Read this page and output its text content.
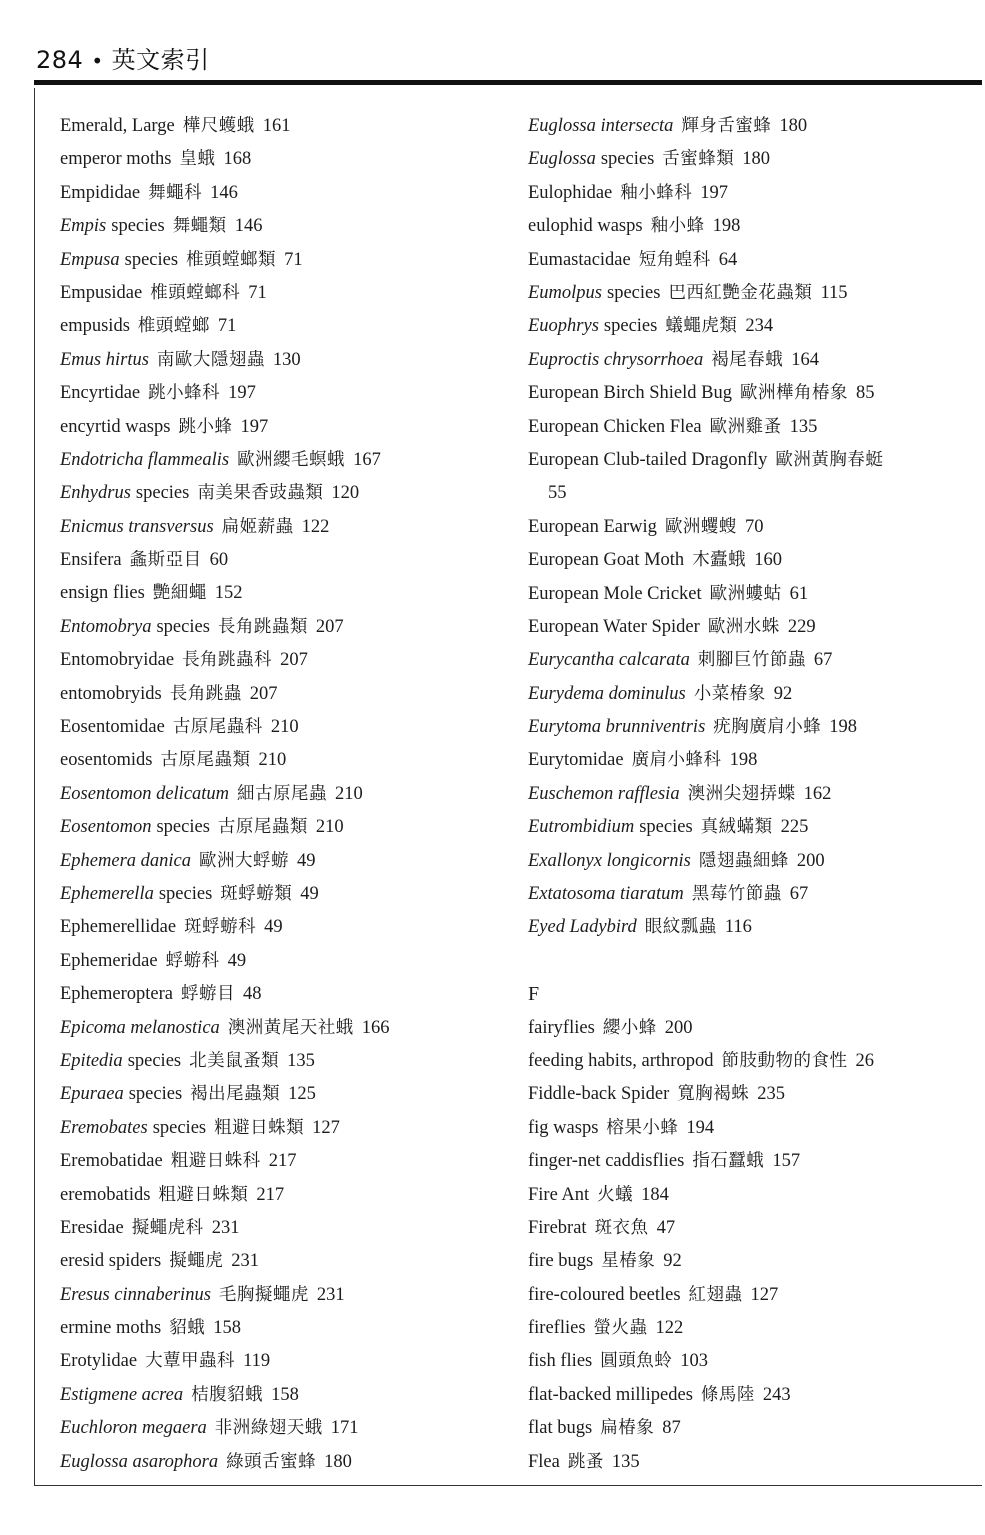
284 • 英文索引
Emerald, Large 樺尺蠖蛾 161
emperor moths 皇蛾 168
Empididae 舞蠅科 146
Empis species 舞蠅類 146
Empusa species 椎頭螳螂類 71
Empusidae 椎頭螳螂科 71
empusids 椎頭螳螂 71
Emus hirtus 南歐大隱翅蟲 130
Encyrtidae 跳小蜂科 197
encyrtid wasps 跳小蜂 197
Endotricha flammealis 歐洲纓毛螟蛾 167
Enhydrus species 南美果香豉蟲類 120
Enicmus transversus 扁姬薪蟲 122
Ensifera 螽斯亞目 60
ensign flies 艷細蠅 152
Entomobrya species 長角跳蟲類 207
Entomobryidae 長角跳蟲科 207
entomobryids 長角跳蟲 207
Eosentomidae 古原尾蟲科 210
eosentomids 古原尾蟲類 210
Eosentomon delicatum 細古原尾蟲 210
Eosentomon species 古原尾蟲類 210
Ephemera danica 歐洲大蜉蝣 49
Ephemerella species 斑蜉蝣類 49
Ephemerellidae 斑蜉蝣科 49
Ephemeridae 蜉蝣科 49
Ephemeroptera 蜉蝣目 48
Epicoma melanostica 澳洲黃尾天社蛾 166
Epitedia species 北美鼠蚤類 135
Epuraea species 褐出尾蟲類 125
Eremobates species 粗避日蛛類 127
Eremobatidae 粗避日蛛科 217
eremobatids 粗避日蛛類 217
Eresidae 擬蠅虎科 231
eresid spiders 擬蠅虎 231
Eresus cinnaberinus 毛胸擬蠅虎 231
ermine moths 貂蛾 158
Erotylidae 大蕈甲蟲科 119
Estigmene acrea 桔腹貂蛾 158
Euchloron megaera 非洲綠翅天蛾 171
Euglossa asarophora 綠頭舌蜜蜂 180
Euglossa intersecta 輝身舌蜜蜂 180
Euglossa species 舌蜜蜂類 180
Eulophidae 釉小蜂科 197
eulophid wasps 釉小蜂 198
Eumastacidae 短角蝗科 64
Eumolpus species 巴西紅艷金花蟲類 115
Euophrys species 蟻蠅虎類 234
Euproctis chrysorrhoea 褐尾春蛾 164
European Birch Shield Bug 歐洲樺角椿象 85
European Chicken Flea 歐洲雞蚤 135
European Club-tailed Dragonfly 歐洲黃胸春蜓
55
European Earwig 歐洲蠼螋 70
European Goat Moth 木蠹蛾 160
European Mole Cricket 歐洲螻蛄 61
European Water Spider 歐洲水蛛 229
Eurycantha calcarata 刺腳巨竹節蟲 67
Eurydema dominulus 小菜椿象 92
Eurytoma brunniventris 疣胸廣肩小蜂 198
Eurytomidae 廣肩小蜂科 198
Euschemon rafflesia 澳洲尖翅挵蝶 162
Eutrombidium species 真絨蟎類 225
Exallonyx longicornis 隱翅蟲細蜂 200
Extatosoma tiaratum 黑莓竹節蟲 67
Eyed Ladybird 眼紋瓢蟲 116
F
fairyflies 纓小蜂 200
feeding habits, arthropod 節肢動物的食性 26
Fiddle-back Spider 寬胸褐蛛 235
fig wasps 榕果小蜂 194
finger-net caddisflies 指石蠶蛾 157
Fire Ant 火蟻 184
Firebrat 斑衣魚 47
fire bugs 星椿象 92
fire-coloured beetles 紅翅蟲 127
fireflies 螢火蟲 122
fish flies 圓頭魚蛉 103
flat-backed millipedes 條馬陸 243
flat bugs 扁椿象 87
Flea 跳蚤 135
